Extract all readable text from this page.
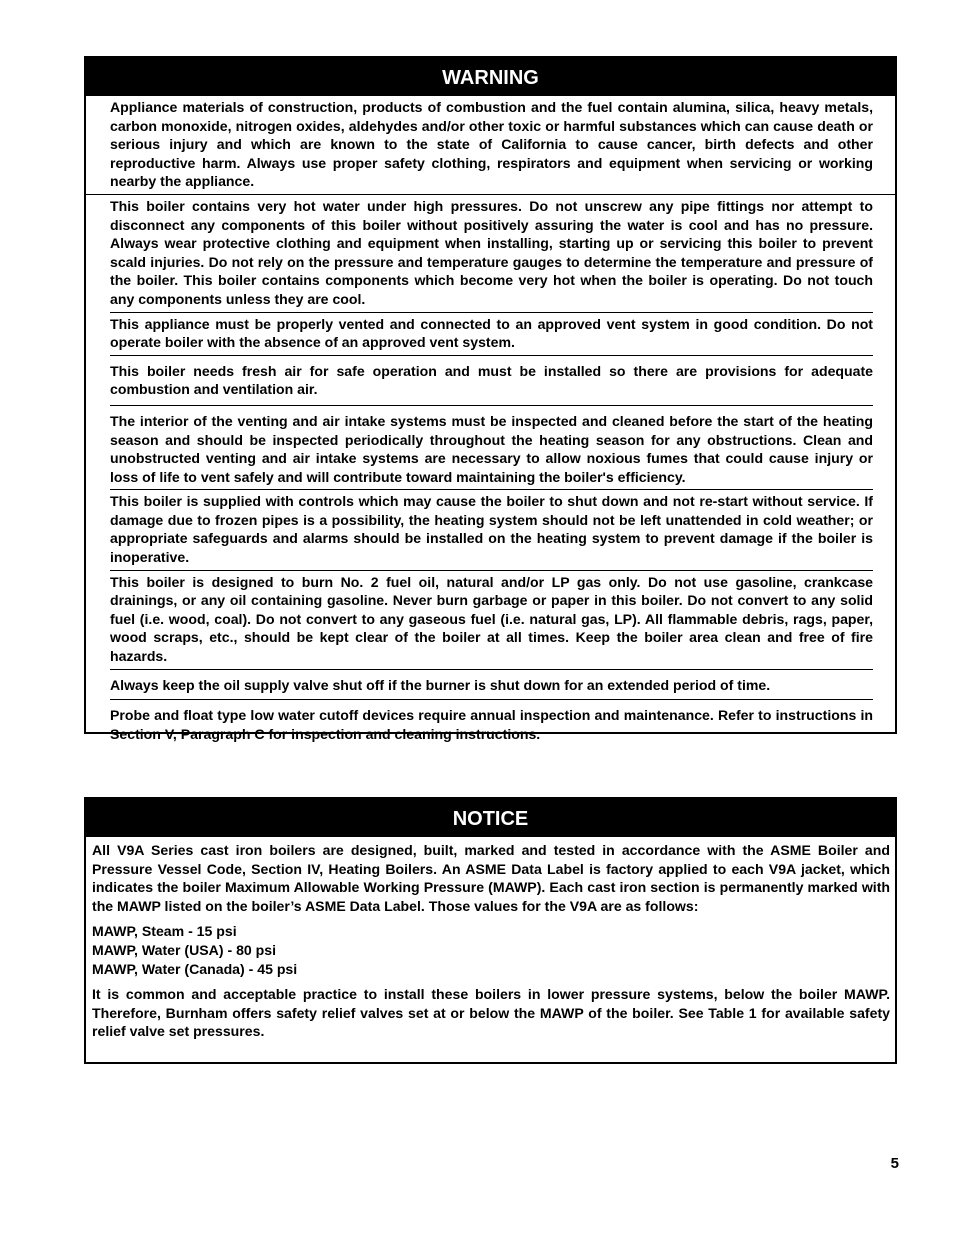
WARNING
Appliance materials of construction, products of combustion and the fuel contain alumina, silica, heavy metals, carbon monoxide, nitrogen oxides, aldehydes and/or other toxic or harmful substances which can cause death or serious injury and which are known to the state of California to cause cancer, birth defects and other reproductive harm. Always use proper safety clothing, respirators and equipment when servicing or working nearby the appliance.
This boiler contains very hot water under high pressures. Do not unscrew any pipe fittings nor attempt to disconnect any components of this boiler without positively assuring the water is cool and has no pressure. Always wear protective clothing and equipment when installing, starting up or servicing this boiler to prevent scald injuries. Do not rely on the pressure and temperature gauges to determine the temperature and pressure of the boiler. This boiler contains components which become very hot when the boiler is operating. Do not touch any components unless they are cool.
This appliance must be properly vented and connected to an approved vent system in good condition. Do not operate boiler with the absence of an approved vent system.
This boiler needs fresh air for safe operation and must be installed so there are provisions for adequate combustion and ventilation air.
The interior of the venting and air intake systems must be inspected and cleaned before the start of the heating season and should be inspected periodically throughout the heating season for any obstructions. Clean and unobstructed venting and air intake systems are necessary to allow noxious fumes that could cause injury or loss of life to vent safely and will contribute toward maintaining the boiler's efficiency.
This boiler is supplied with controls which may cause the boiler to shut down and not re-start without service. If damage due to frozen pipes is a possibility, the heating system should not be left unattended in cold weather; or appropriate safeguards and alarms should be installed on the heating system to prevent damage if the boiler is inoperative.
This boiler is designed to burn No. 2 fuel oil, natural and/or LP gas only. Do not use gasoline, crankcase drainings, or any oil containing gasoline. Never burn garbage or paper in this boiler. Do not convert to any solid fuel (i.e. wood, coal). Do not convert to any gaseous fuel (i.e. natural gas, LP). All flammable debris, rags, paper, wood scraps, etc., should be kept clear of the boiler at all times. Keep the boiler area clean and free of fire hazards.
Always keep the oil supply valve shut off if the burner is shut down for an extended period of time.
Probe and float type low water cutoff devices require annual inspection and maintenance. Refer to instructions in Section V, Paragraph C for inspection and cleaning instructions.
NOTICE

All V9A Series cast iron boilers are designed, built, marked and tested in accordance with the ASME Boiler and Pressure Vessel Code, Section IV, Heating Boilers. An ASME Data Label is factory applied to each V9A jacket, which indicates the boiler Maximum Allowable Working Pressure (MAWP). Each cast iron section is permanently marked with the MAWP listed on the boiler’s ASME Data Label. Those values for the V9A are as follows:

MAWP, Steam - 15 psi
MAWP, Water (USA) - 80 psi
MAWP, Water (Canada) - 45 psi

It is common and acceptable practice to install these boilers in lower pressure systems, below the boiler MAWP. Therefore, Burnham offers safety relief valves set at or below the MAWP of the boiler. See Table 1 for available safety relief valve set pressures.

5
